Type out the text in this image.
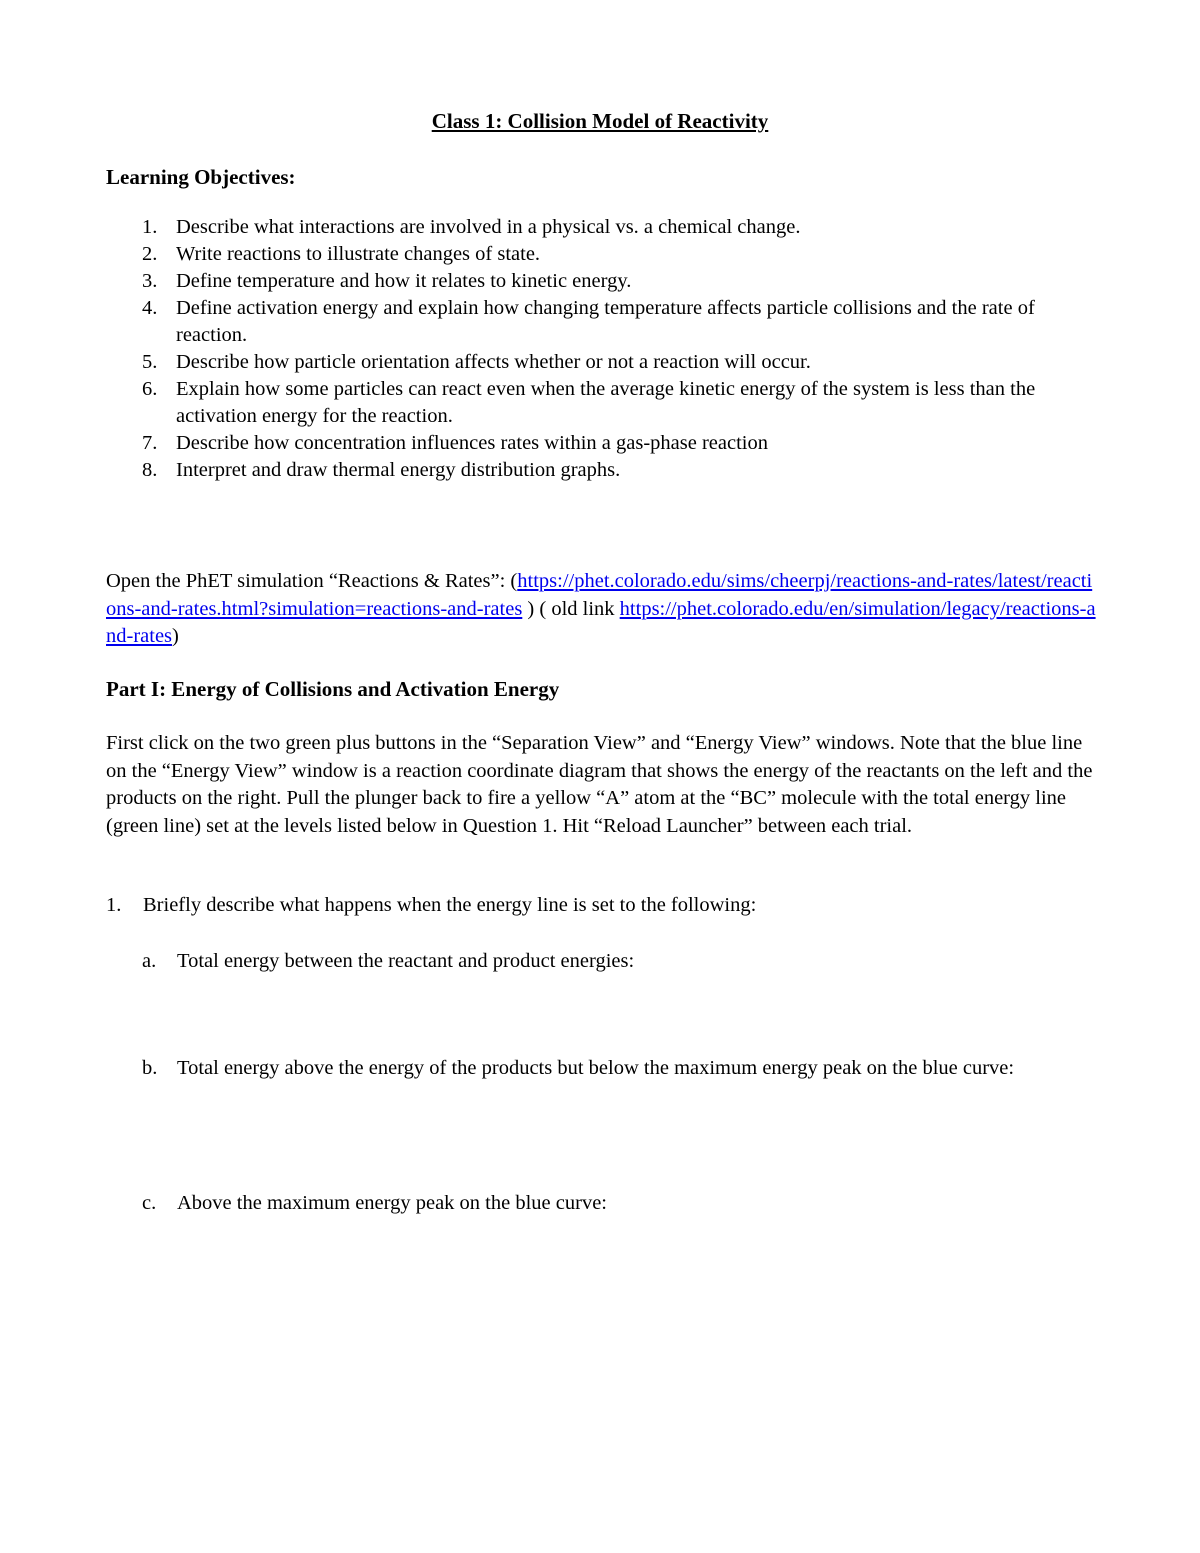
Class 1: Collision Model of Reactivity
Learning Objectives:
1. Describe what interactions are involved in a physical vs. a chemical change.
2. Write reactions to illustrate changes of state.
3. Define temperature and how it relates to kinetic energy.
4. Define activation energy and explain how changing temperature affects particle collisions and the rate of reaction.
5. Describe how particle orientation affects whether or not a reaction will occur.
6. Explain how some particles can react even when the average kinetic energy of the system is less than the activation energy for the reaction.
7. Describe how concentration influences rates within a gas-phase reaction
8. Interpret and draw thermal energy distribution graphs.
Open the PhET simulation “Reactions & Rates”: (https://phet.colorado.edu/sims/cheerpj/reactions-and-rates/latest/reactions-and-rates.html?simulation=reactions-and-rates ) ( old link https://phet.colorado.edu/en/simulation/legacy/reactions-and-rates)
Part I: Energy of Collisions and Activation Energy
First click on the two green plus buttons in the “Separation View” and “Energy View” windows. Note that the blue line on the “Energy View” window is a reaction coordinate diagram that shows the energy of the reactants on the left and the products on the right. Pull the plunger back to fire a yellow “A” atom at the “BC” molecule with the total energy line (green line) set at the levels listed below in Question 1. Hit “Reload Launcher” between each trial.
1. Briefly describe what happens when the energy line is set to the following:
a. Total energy between the reactant and product energies:
b. Total energy above the energy of the products but below the maximum energy peak on the blue curve:
c. Above the maximum energy peak on the blue curve:
